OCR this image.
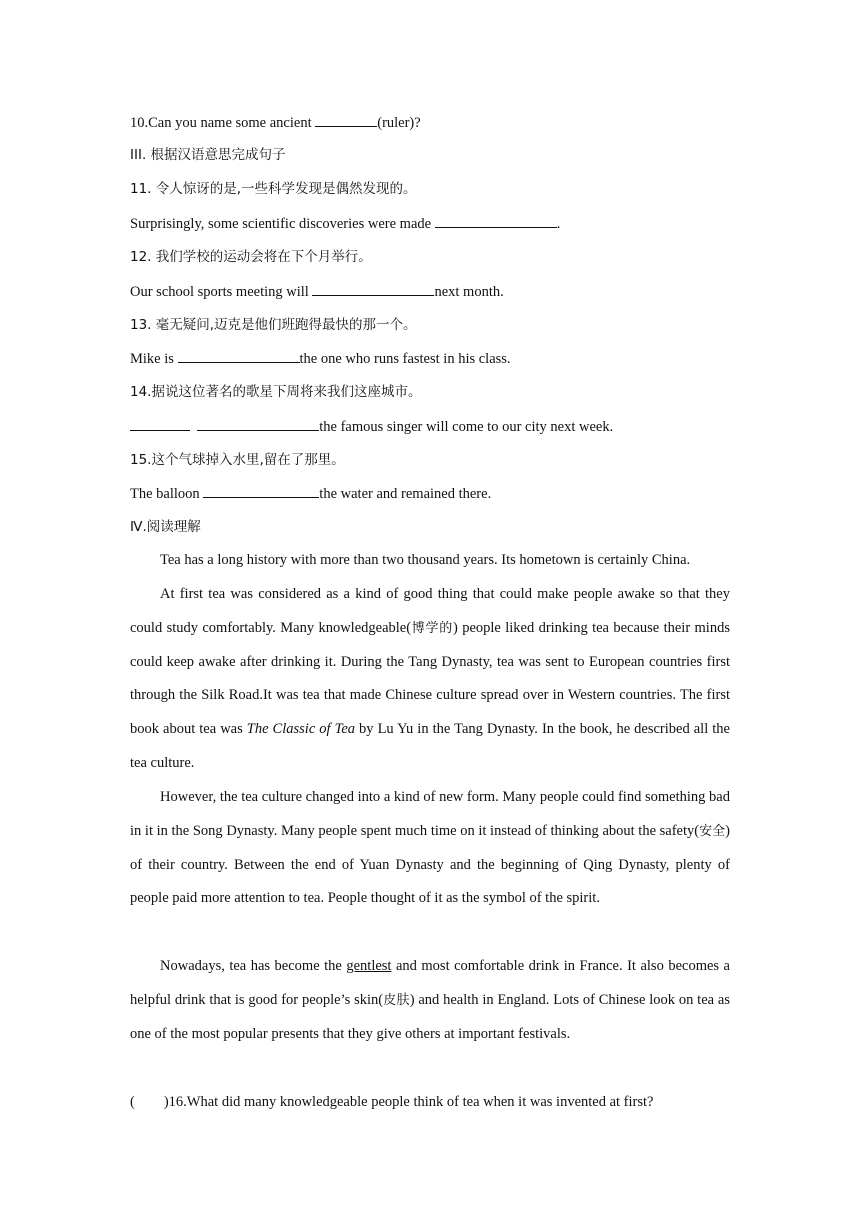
10.Can you name some ancient	(ruler)?
III. 根据汉语意思完成句子
11. 令人惊讶的是,一些科学发现是偶然发现的。
Surprisingly, some scientific discoveries were made	.
12. 我们学校的运动会将在下个月举行。
Our school sports meeting will	next month.
13. 毫无疑问,迈克是他们班跑得最快的那一个。
Mike is	the one who runs fastest in his class.
14.据说这位著名的歌星下周将来我们这座城市。
the famous singer will come to our city next week.
15.这个气球掉入水里,留在了那里。
The balloon	the water and remained there.
Ⅳ.阅读理解
Tea has a long history with more than two thousand years. Its hometown is certainly China.
At first tea was considered as a kind of good thing that could make people awake so that they could study comfortably. Many knowledgeable(博学的) people liked drinking tea because their minds could keep awake after drinking it. During the Tang Dynasty, tea was sent to European countries first through the Silk Road.It was tea that made Chinese culture spread over in Western countries. The first book about tea was The Classic of Tea by Lu Yu in the Tang Dynasty. In the book, he described all the tea culture.
However, the tea culture changed into a kind of new form. Many people could find something bad in it in the Song Dynasty. Many people spent much time on it instead of thinking about the safety(安全) of their country. Between the end of Yuan Dynasty and the beginning of Qing Dynasty, plenty of people paid more attention to tea. People thought of it as the symbol of the spirit.
Nowadays, tea has become the gentlest and most comfortable drink in France. It also becomes a helpful drink that is good for people’s skin(皮肤) and health in England. Lots of Chinese look on tea as one of the most popular presents that they give others at important festivals.
(        )16.What did many knowledgeable people think of tea when it was invented at first?
